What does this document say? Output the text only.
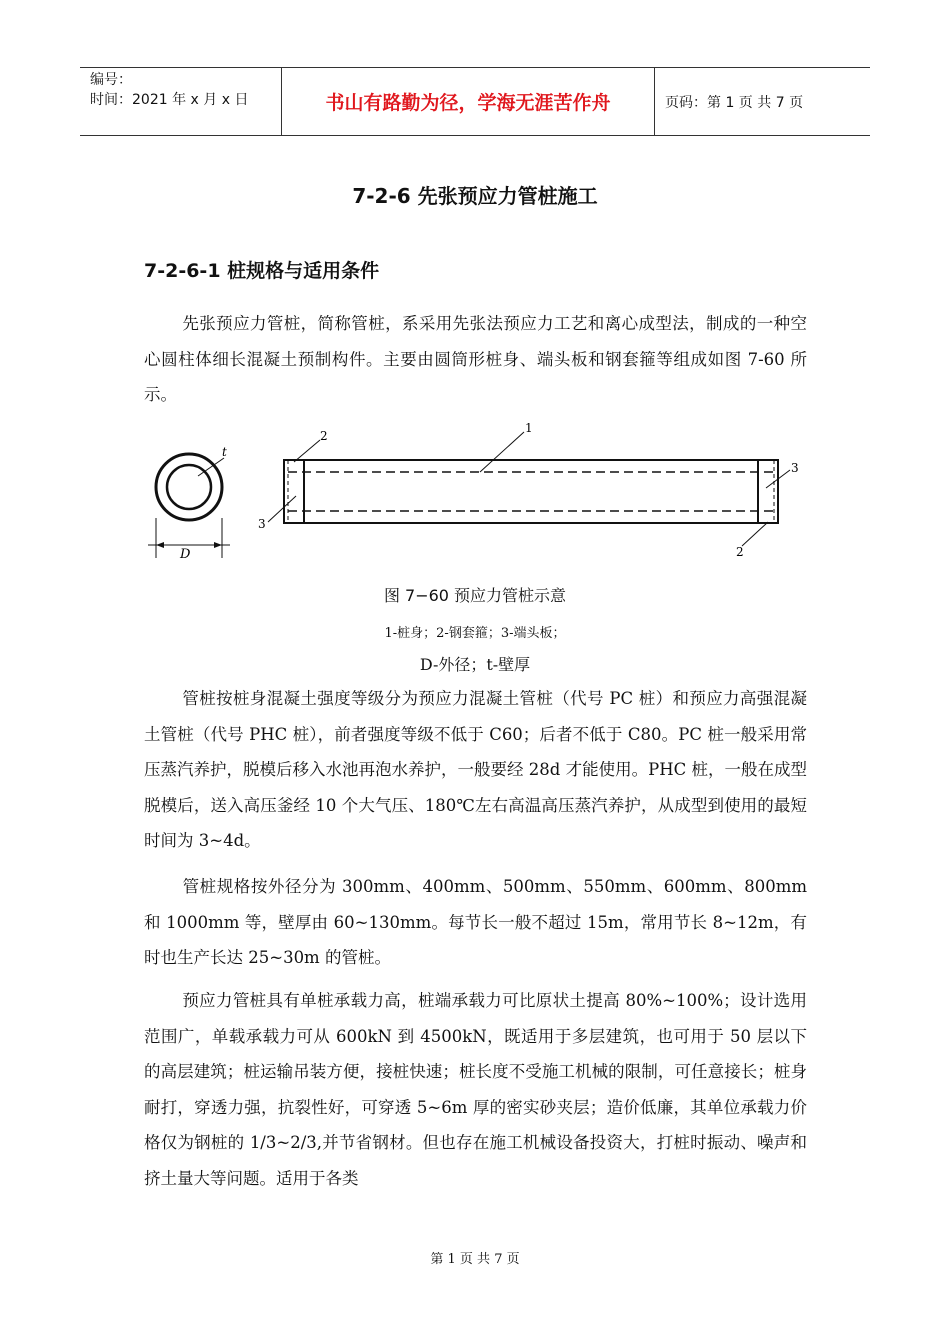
编号：
时间：2021 年 x 月 x 日	书山有路勤为径，学海无涯苦作舟	页码：第 1 页 共 7 页
7-2-6 先张预应力管桩施工
7-2-6-1 桩规格与适用条件

先张预应力管桩，简称管桩，系采用先张法预应力工艺和离心成型法，制成的一种空心圆柱体细长混凝土预制构件。主要由圆筒形桩身、端头板和钢套箍等组成如图 7-60 所示。

t
D
1
2
3
3
2
图 7−60 预应力管桩示意
1-桩身；2-钢套箍；3-端头板；
D-外径；t-壁厚

管桩按桩身混凝土强度等级分为预应力混凝土管桩（代号 PC 桩）和预应力高强混凝土管桩（代号 PHC 桩），前者强度等级不低于 C60；后者不低于 C80。PC 桩一般采用常压蒸汽养护，脱模后移入水池再泡水养护，一般要经 28d 才能使用。PHC 桩，一般在成型脱模后，送入高压釜经 10 个大气压、180℃左右高温高压蒸汽养护，从成型到使用的最短时间为 3~4d。

管桩规格按外径分为 300mm、400mm、500mm、550mm、600mm、800mm 和 1000mm 等，壁厚由 60~130mm。每节长一般不超过 15m，常用节长 8~12m，有时也生产长达 25~30m 的管桩。

预应力管桩具有单桩承载力高，桩端承载力可比原状土提高 80%~100%；设计选用范围广，单载承载力可从 600kN 到 4500kN，既适用于多层建筑，也可用于 50 层以下的高层建筑；桩运输吊装方便，接桩快速；桩长度不受施工机械的限制，可任意接长；桩身耐打，穿透力强，抗裂性好，可穿透 5~6m 厚的密实砂夹层；造价低廉，其单位承载力价格仅为钢桩的 1/3~2/3,并节省钢材。但也存在施工机械设备投资大，打桩时振动、噪声和挤土量大等问题。适用于各类

第 1 页 共 7 页
